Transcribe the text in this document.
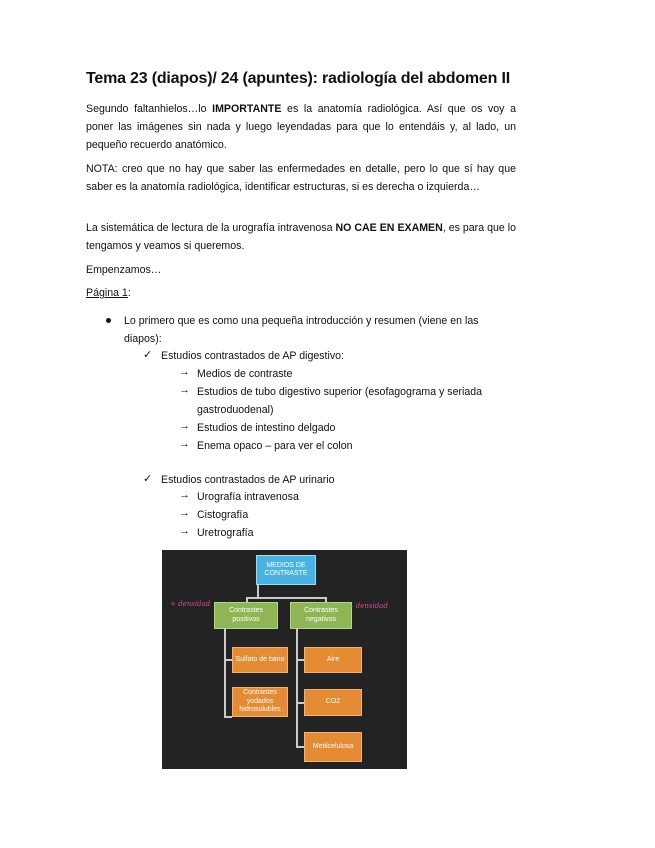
Tema 23 (diapos)/ 24 (apuntes): radiología del abdomen II

Segundo faltanhielos…lo IMPORTANTE es la anatomía radiológica. Así que os voy a poner las imágenes sin nada y luego leyendadas para que lo entendáis y, al lado, un pequeño recuerdo anatómico.

NOTA: creo que no hay que saber las enfermedades en detalle, pero lo que sí hay que saber es la anatomía radiológica, identificar estructuras, si es derecha o izquierda…

La sistemática de lectura de la urografía intravenosa NO CAE EN EXAMEN, es para que lo tengamos y veamos si queremos.

Empenzamos…

Página 1:
Lo primero que es como una pequeña introducción y resumen (viene en las
diapos):
✓ Estudios contrastados de AP digestivo:
→ Medios de contraste
→ Estudios de tubo digestivo superior (esofagograma y seriada
gastroduodenal)
→ Estudios de intestino delgado
→ Enema opaco – para ver el colon
✓ Estudios contrastados de AP urinario
→ Urografía intravenosa
→ Cistografía
→ Uretrografía
MEDIOS DE CONTRASTE
Contrastes positivos
Contrastes negativos
Sulfato de bario
Contrastes yodados hidrosolubles
Aire
CO2
Metilcelulosa
+ densidad	– densidad
